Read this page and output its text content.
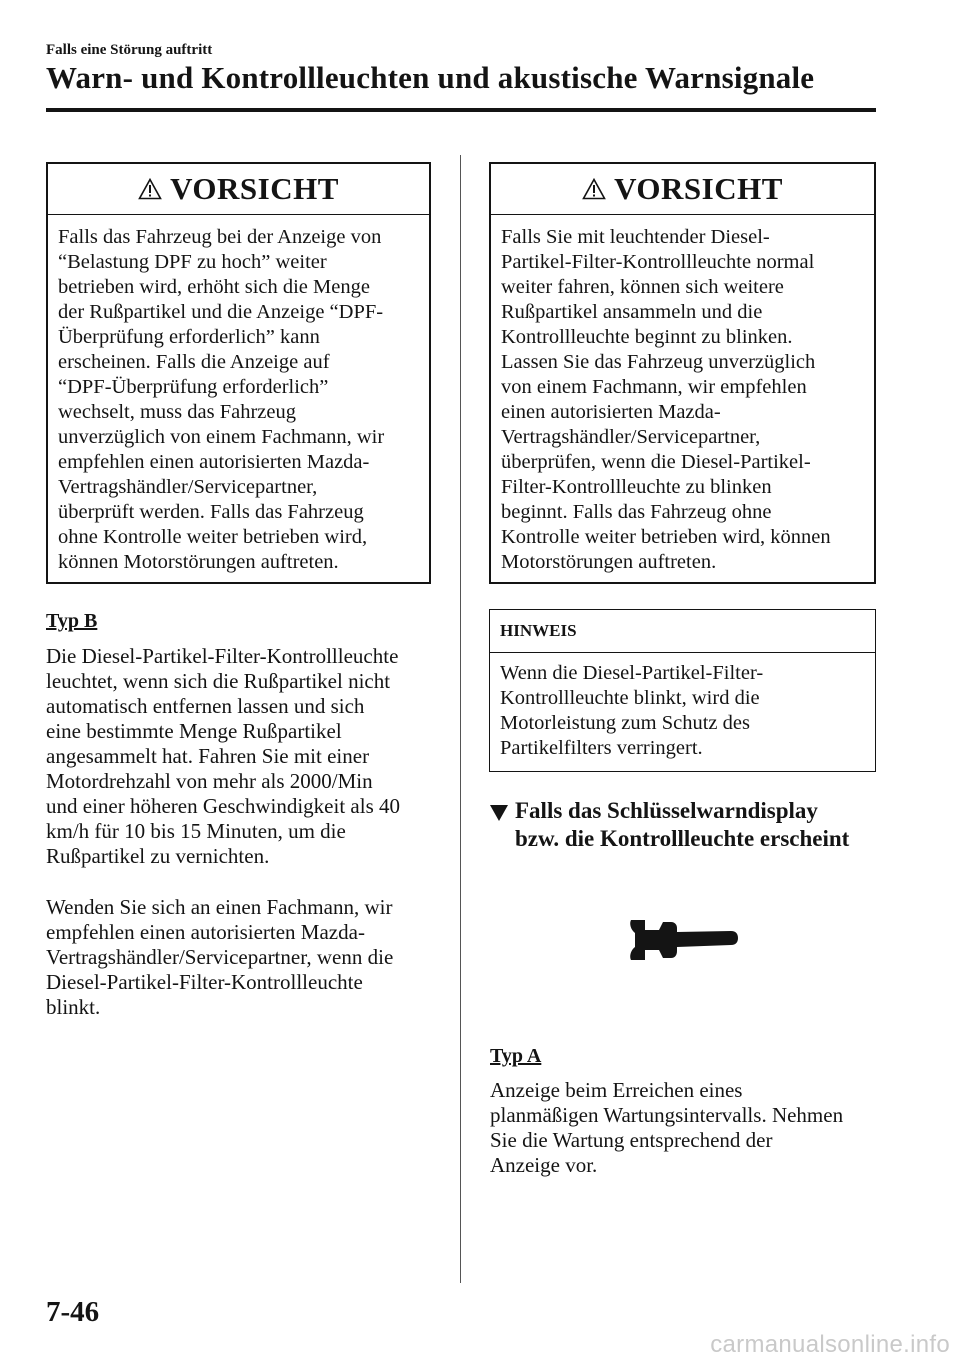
Falls eine Störung auftritt
Warn- und Kontrollleuchten und akustische Warnsignale
VORSICHT
Falls das Fahrzeug bei der Anzeige von
“Belastung DPF zu hoch” weiter
betrieben wird, erhöht sich die Menge
der Rußpartikel und die Anzeige “DPF-
Überprüfung erforderlich” kann
erscheinen. Falls die Anzeige auf
“DPF-Überprüfung erforderlich”
wechselt, muss das Fahrzeug
unverzüglich von einem Fachmann, wir
empfehlen einen autorisierten Mazda-
Vertragshändler/Servicepartner,
überprüft werden. Falls das Fahrzeug
ohne Kontrolle weiter betrieben wird,
können Motorstörungen auftreten.
Typ B

Die Diesel-Partikel-Filter-Kontrollleuchte
leuchtet, wenn sich die Rußpartikel nicht
automatisch entfernen lassen und sich
eine bestimmte Menge Rußpartikel
angesammelt hat. Fahren Sie mit einer
Motordrehzahl von mehr als 2000/Min
und einer höheren Geschwindigkeit als 40
km/h für 10 bis 15 Minuten, um die
Rußpartikel zu vernichten.

Wenden Sie sich an einen Fachmann, wir
empfehlen einen autorisierten Mazda-
Vertragshändler/Servicepartner, wenn die
Diesel-Partikel-Filter-Kontrollleuchte
blinkt.

VORSICHT
Falls Sie mit leuchtender Diesel-
Partikel-Filter-Kontrollleuchte normal
weiter fahren, können sich weitere
Rußpartikel ansammeln und die
Kontrollleuchte beginnt zu blinken.
Lassen Sie das Fahrzeug unverzüglich
von einem Fachmann, wir empfehlen
einen autorisierten Mazda-
Vertragshändler/Servicepartner,
überprüfen, wenn die Diesel-Partikel-
Filter-Kontrollleuchte zu blinken
beginnt. Falls das Fahrzeug ohne
Kontrolle weiter betrieben wird, können
Motorstörungen auftreten.
HINWEIS
Wenn die Diesel-Partikel-Filter-
Kontrollleuchte blinkt, wird die
Motorleistung zum Schutz des
Partikelfilters verringert.
Falls das Schlüsselwarndisplay
bzw. die Kontrollleuchte erscheint
Typ A

Anzeige beim Erreichen eines
planmäßigen Wartungsintervalls. Nehmen
Sie die Wartung entsprechend der
Anzeige vor.

7-46
carmanualsonline.info
